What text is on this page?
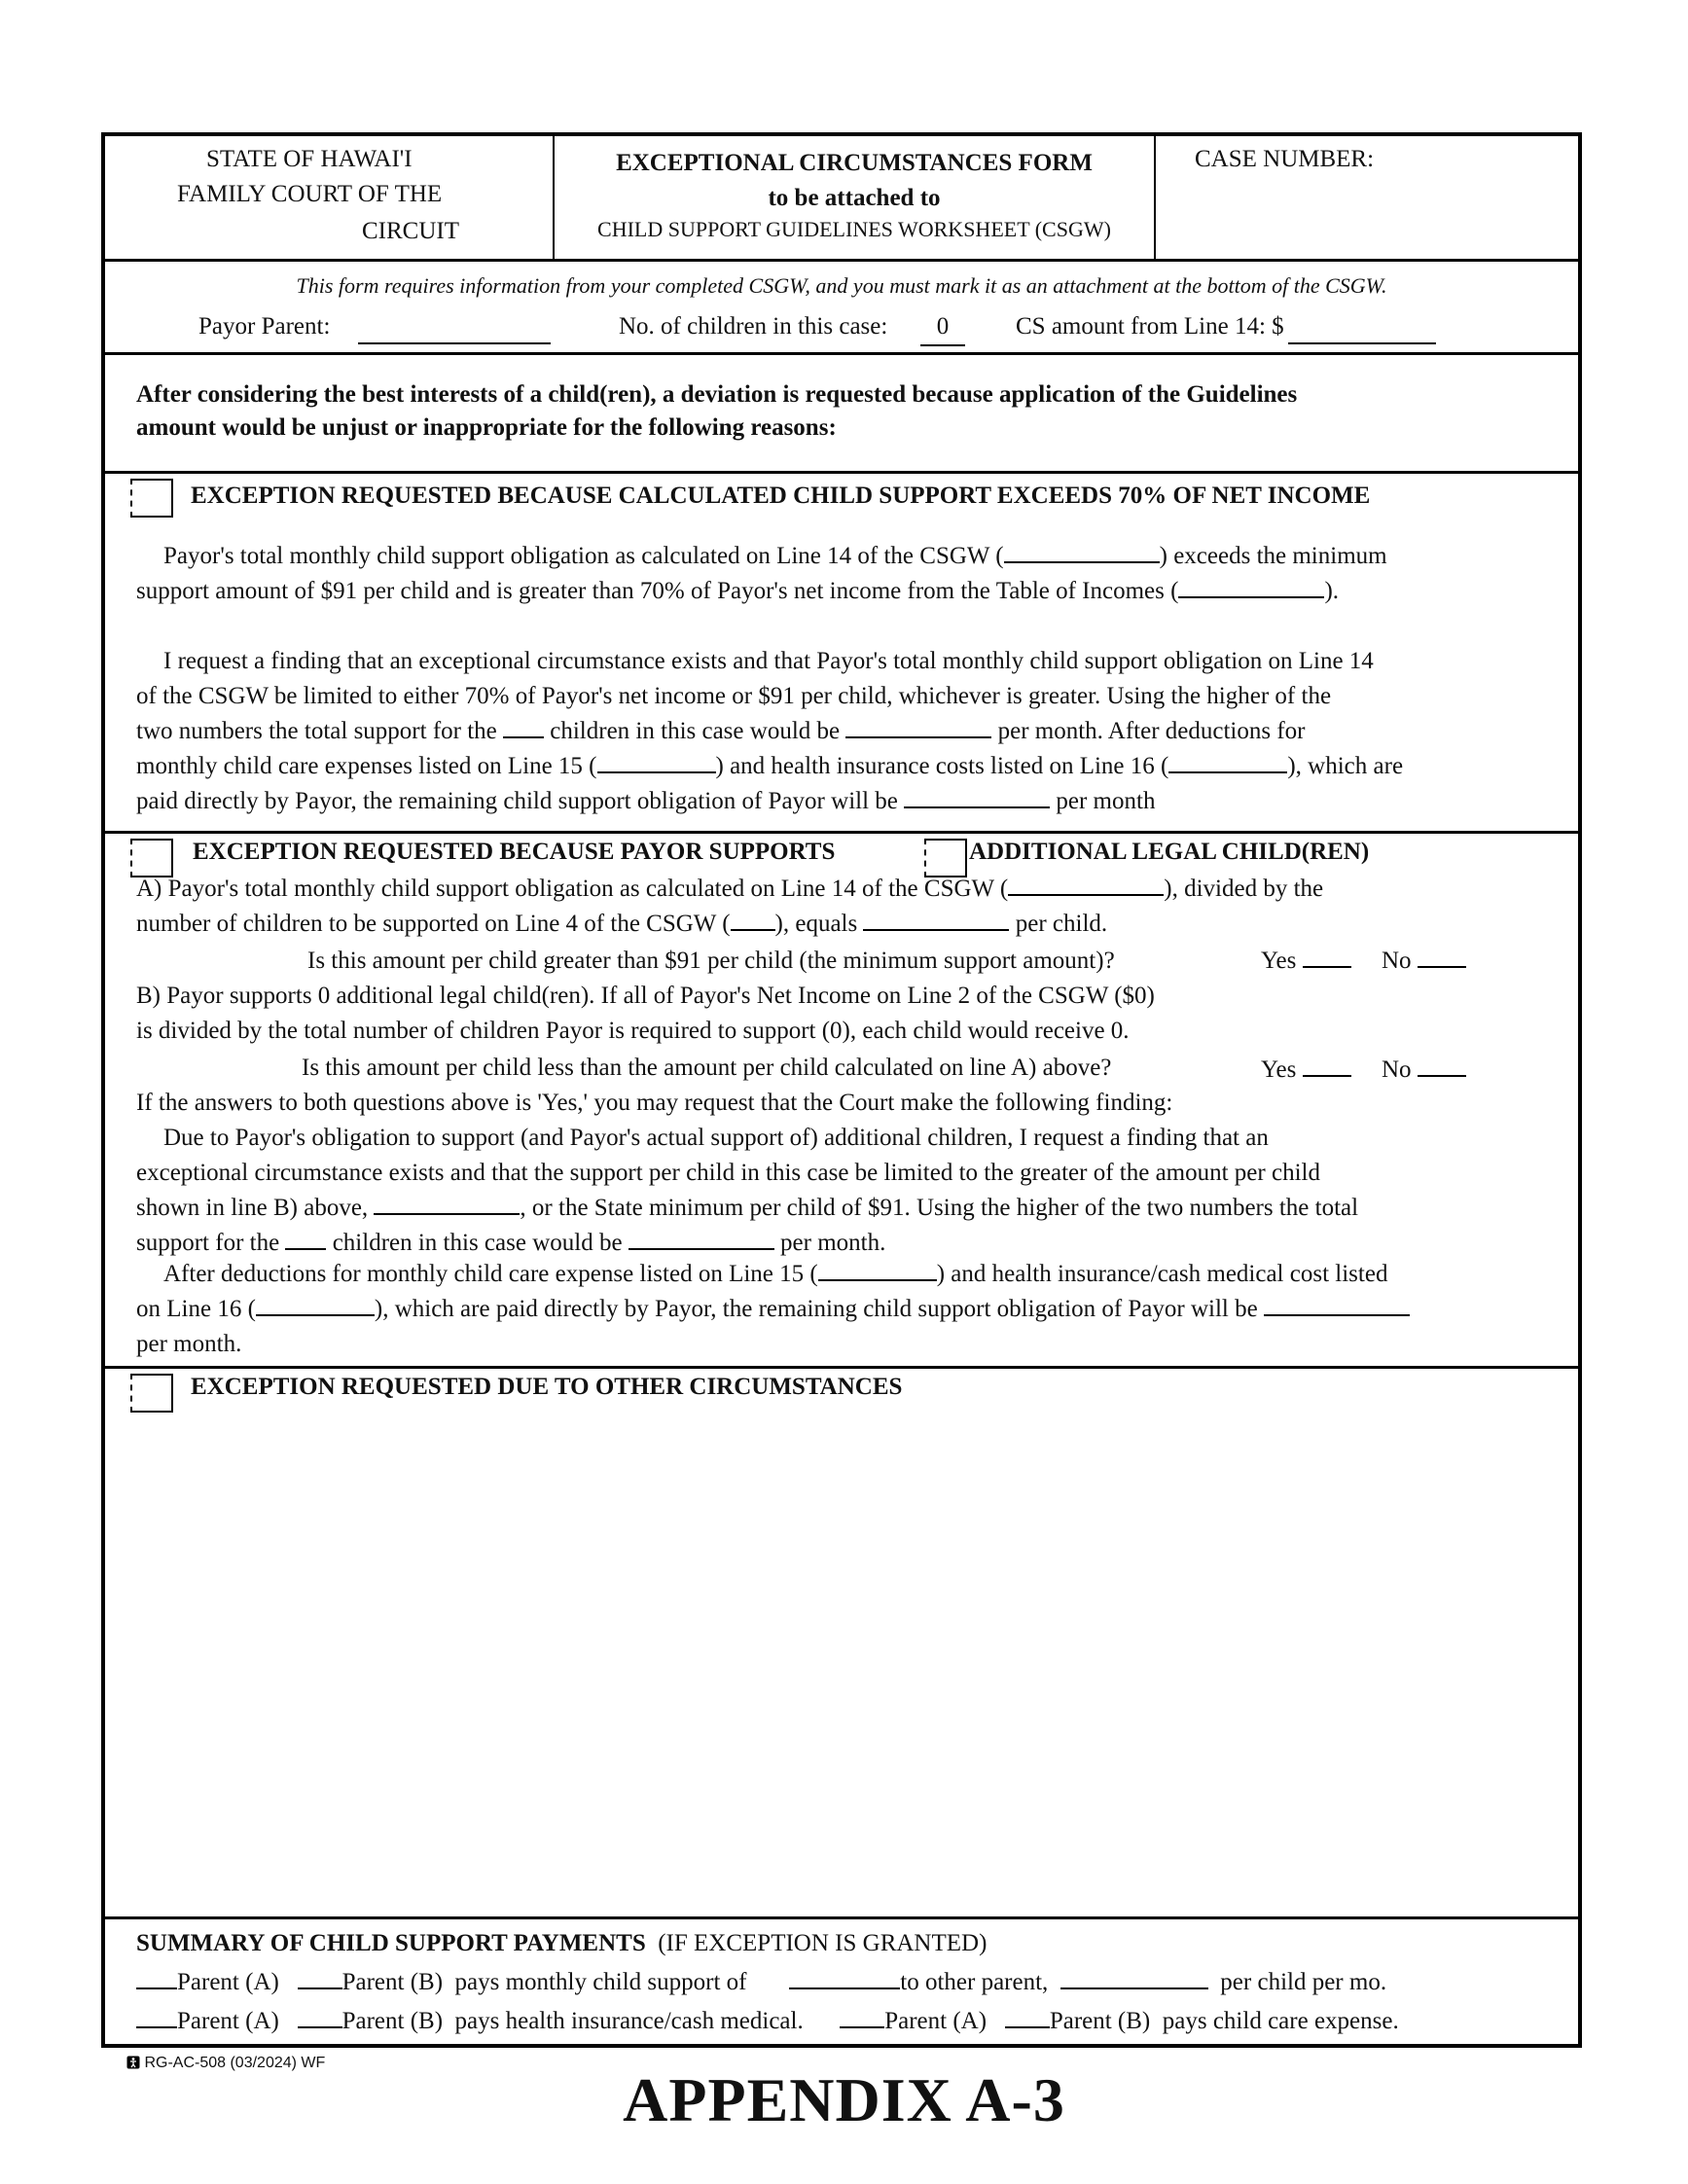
STATE OF HAWAI'I
FAMILY COURT OF THE
CIRCUIT
EXCEPTIONAL CIRCUMSTANCES FORM
to be attached to
CHILD SUPPORT GUIDELINES WORKSHEET (CSGW)
CASE NUMBER:
This form requires information from your completed CSGW, and you must mark it as an attachment at the bottom of the CSGW.
Payor Parent:	No. of children in this case:	0	CS amount from Line 14: $
After considering the best interests of a child(ren), a deviation is requested because application of the Guidelines
amount would be unjust or inappropriate for the following reasons:
EXCEPTION REQUESTED BECAUSE CALCULATED CHILD SUPPORT EXCEEDS 70% OF NET INCOME
Payor's total monthly child support obligation as calculated on Line 14 of the CSGW (	) exceeds the minimum
support amount of $91 per child and is greater than 70% of Payor's net income from the Table of Incomes (	).
I request a finding that an exceptional circumstance exists and that Payor's total monthly child support obligation on Line 14
of the CSGW be limited to either 70% of Payor's net income or $91 per child, whichever is greater. Using the higher of the
two numbers the total support for the children in this case would be	per month. After deductions for
monthly child care expenses listed on Line 15 (	) and health insurance costs listed on Line 16 (	), which are
paid directly by Payor, the remaining child support obligation of Payor will be	per month
EXCEPTION REQUESTED BECAUSE PAYOR SUPPORTS	ADDITIONAL LEGAL CHILD(REN)
A) Payor's total monthly child support obligation as calculated on Line 14 of the CSGW (	), divided by the
number of children to be supported on Line 4 of the CSGW ( ), equals	per child.
Is this amount per child greater than $91 per child (the minimum support amount)?	Yes	No
B) Payor supports 0 additional legal child(ren). If all of Payor's Net Income on Line 2 of the CSGW ($0)
is divided by the total number of children Payor is required to support (0), each child would receive 0.
Is this amount per child less than the amount per child calculated on line A) above?	Yes	No
If the answers to both questions above is 'Yes,' you may request that the Court make the following finding:
Due to Payor's obligation to support (and Payor's actual support of) additional children, I request a finding that an
exceptional circumstance exists and that the support per child in this case be limited to the greater of the amount per child
shown in line B) above,	, or the State minimum per child of $91. Using the higher of the two numbers the total
support for the children in this case would be	per month.
After deductions for monthly child care expense listed on Line 15 (	) and health insurance/cash medical cost listed
on Line 16 (	), which are paid directly by Payor, the remaining child support obligation of Payor will be
per month.
EXCEPTION REQUESTED DUE TO OTHER CIRCUMSTANCES
SUMMARY OF CHILD SUPPORT PAYMENTS (IF EXCEPTION IS GRANTED)
Parent (A)	Parent (B) pays monthly child support of	to other parent,	per child per mo.
Parent (A)	Parent (B) pays health insurance/cash medical.	Parent (A)	Parent (B) pays child care expense.
RG-AC-508 (03/2024) WF
APPENDIX A-3
